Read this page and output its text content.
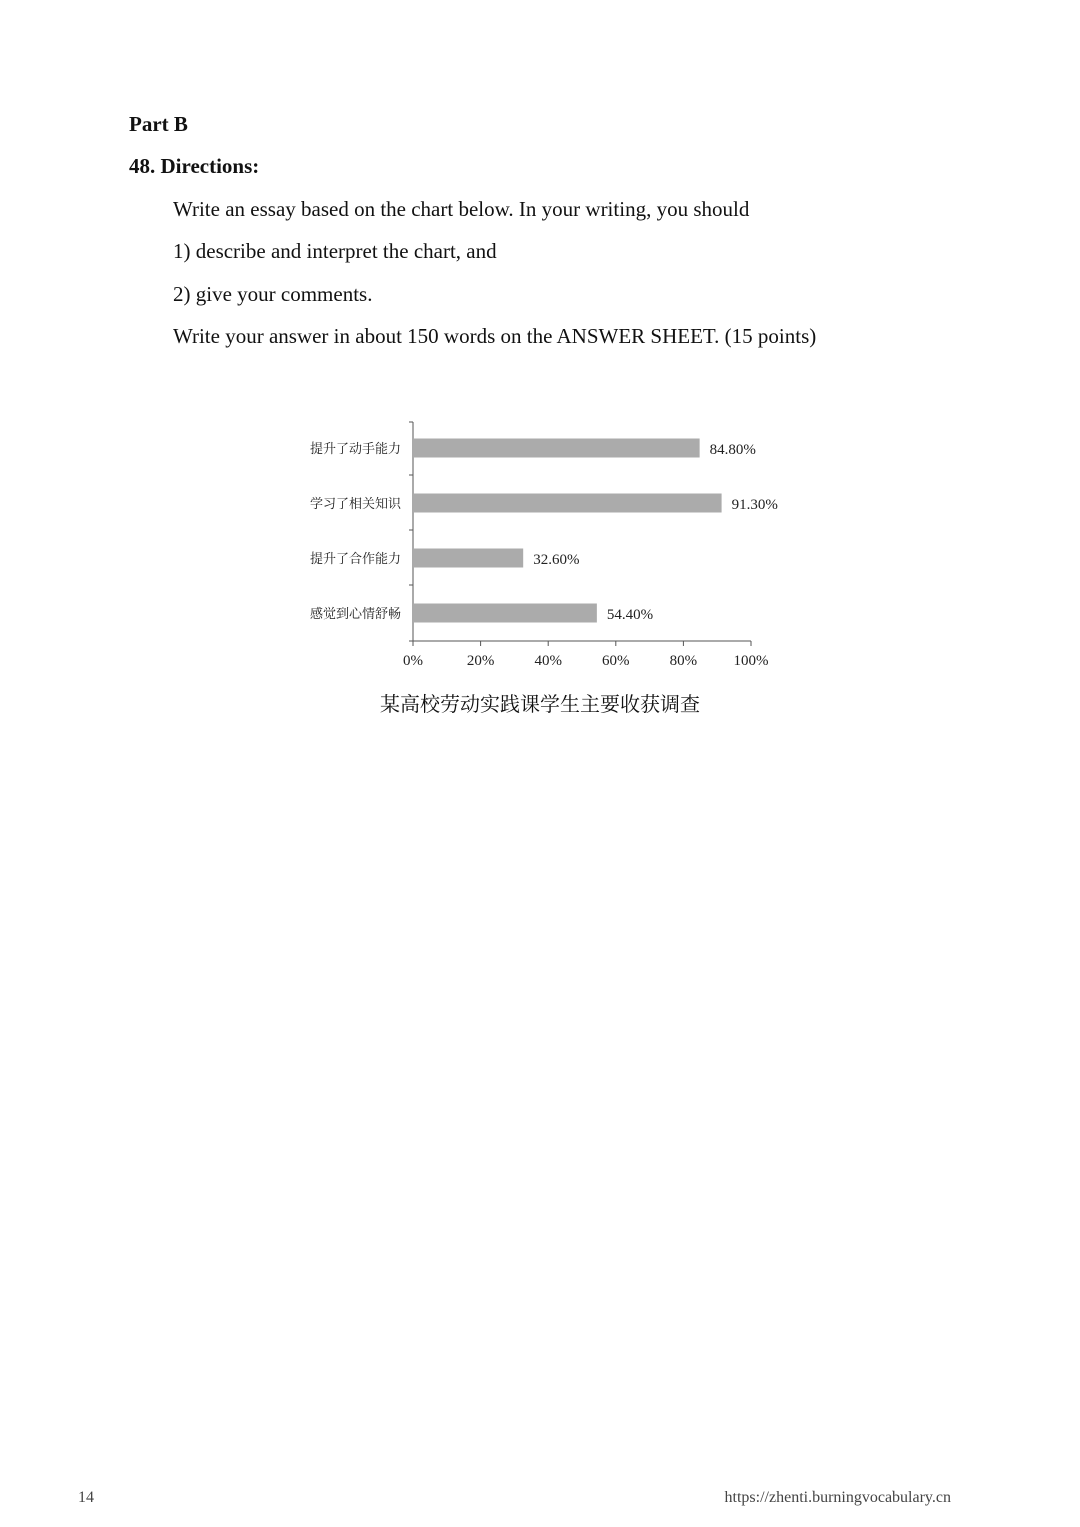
Part B
48. Directions:
Write an essay based on the chart below. In your writing, you should
1) describe and interpret the chart, and
2) give your comments.
Write your answer in about 150 words on the ANSWER SHEET. (15 points)
0%	20%	40%	60%	80% 100%
提升了动手能力	84.80%
学习了相关知识	91.30%
提升了合作能力	32.60%
感觉到心情舒畅	54.40%
某高校劳动实践课学生主要收获调查
14	https://zhenti.burningvocabulary.cn
